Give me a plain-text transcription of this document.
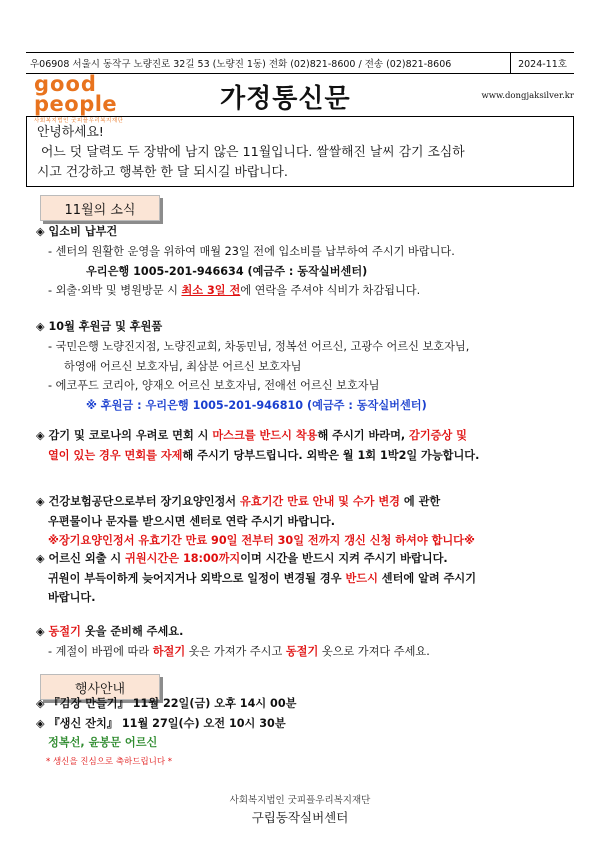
우06908 서울시 동작구 노량진로 32길 53 (노량진 1동) 전화 (02)821-8600 / 전송 (02)821-8606	2024-11호
good
people
사회복지법인 굿피플우리복지재단
가정통신문	www.dongjaksilver.kr
안녕하세요!
어느 덧 달력도 두 장밖에 남지 않은 11월입니다. 쌀쌀해진 날씨 감기 조심하
시고 건강하고 행복한 한 달 되시길 바랍니다.
11월의 소식
◈ 입소비 납부건
- 센터의 원활한 운영을 위하여 매월 23일 전에 입소비를 납부하여 주시기 바랍니다.
우리은행 1005-201-946634 (예금주 : 동작실버센터)
- 외출·외박 및 병원방문 시 최소 3일 전에 연락을 주셔야 식비가 차감됩니다.
◈ 10월 후원금 및 후원품
- 국민은행 노량진지점, 노량진교회, 차동민님, 정복선 어르신, 고광수 어르신 보호자님,
하영애 어르신 보호자님, 최삼분 어르신 보호자님
- 에코푸드 코리아, 양재오 어르신 보호자님, 전애선 어르신 보호자님
※ 후원금 : 우리은행 1005-201-946810 (예금주 : 동작실버센터)
◈ 감기 및 코로나의 우려로 면회 시 마스크를 반드시 착용해 주시기 바라며, 감기증상 및
열이 있는 경우 면회를 자제해 주시기 당부드립니다. 외박은 월 1회 1박2일 가능합니다.
◈ 건강보험공단으로부터 장기요양인정서 유효기간 만료 안내 및 수가 변경 에 관한
우편물이나 문자를 받으시면 센터로 연락 주시기 바랍니다.
※장기요양인정서 유효기간 만료 90일 전부터 30일 전까지 갱신 신청 하셔야 합니다※
◈ 어르신 외출 시 귀원시간은 18:00까지이며 시간을 반드시 지켜 주시기 바랍니다.
귀원이 부득이하게 늦어지거나 외박으로 일정이 변경될 경우 반드시 센터에 알려 주시기
바랍니다.
◈ 동절기 옷을 준비해 주세요.
- 계절이 바뀜에 따라 하절기 옷은 가져가 주시고 동절기 옷으로 가져다 주세요.
행사안내
◈ 『김장 만들기』 11월 22일(금) 오후 14시 00분
◈ 『생신 잔치』 11월 27일(수) 오전 10시 30분
정복선, 윤봉문 어르신
* 생신을 진심으로 축하드립니다 *
사회복지법인 굿피플우리복지재단
구립동작실버센터
